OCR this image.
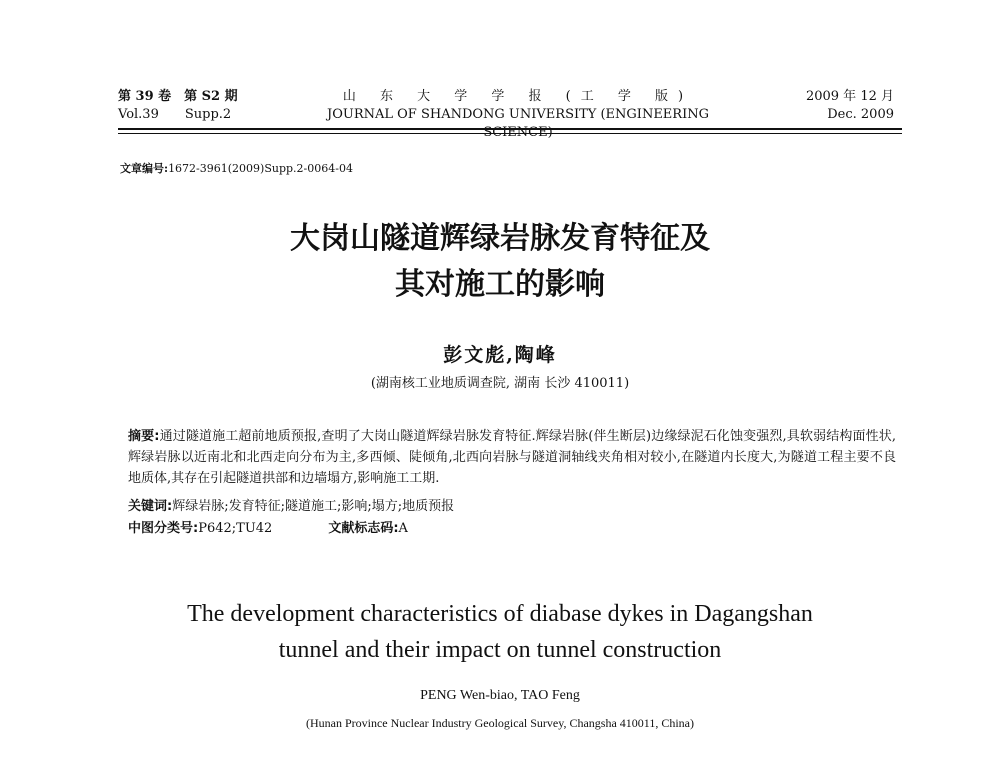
第 39 卷　第 S2 期
Vol.39　　Supp.2
山 东 大 学 学 报 (工 学 版)
JOURNAL OF SHANDONG UNIVERSITY (ENGINEERING SCIENCE)
2009 年 12 月
Dec. 2009
文章编号:1672-3961(2009)Supp.2-0064-04
大岗山隧道辉绿岩脉发育特征及
其对施工的影响
彭文彪,陶峰
(湖南核工业地质调查院, 湖南 长沙 410011)
摘要:通过隧道施工超前地质预报,查明了大岗山隧道辉绿岩脉发育特征.辉绿岩脉(伴生断层)边缘绿泥石化蚀变强烈,具软弱结构面性状,辉绿岩脉以近南北和北西走向分布为主,多西倾、陡倾角,北西向岩脉与隧道洞轴线夹角相对较小,在隧道内长度大,为隧道工程主要不良地质体,其存在引起隧道拱部和边墙塌方,影响施工工期.
关键词:辉绿岩脉;发育特征;隧道施工;影响;塌方;地质预报
中图分类号:P642;TU42	文献标志码:A
The development characteristics of diabase dykes in Dagangshan
tunnel and their impact on tunnel construction
PENG Wen-biao, TAO Feng
(Hunan Province Nuclear Industry Geological Survey, Changsha 410011, China)
